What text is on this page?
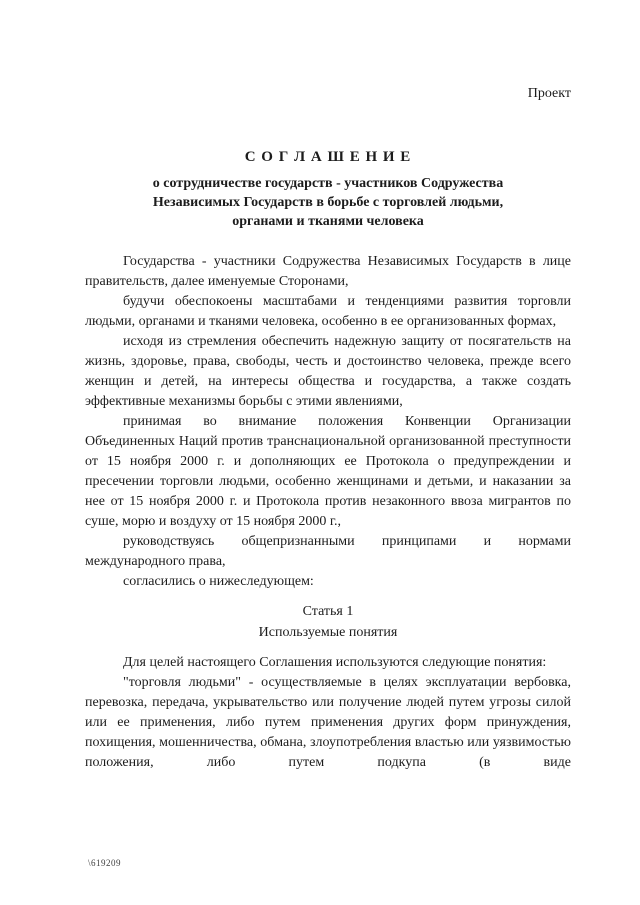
Проект
С О Г Л А Ш Е Н И Е
о сотрудничестве государств - участников Содружества
Независимых Государств в борьбе с торговлей людьми,
органами и тканями человека

Государства - участники Содружества Независимых Государств в лице правительств, далее именуемые Сторонами,

будучи обеспокоены масштабами и тенденциями развития торговли людьми, органами и тканями человека, особенно в ее организованных формах,

исходя из стремления обеспечить надежную защиту от посягательств на жизнь, здоровье, права, свободы, честь и достоинство человека, прежде всего женщин и детей, на интересы общества и государства, а также создать эффективные механизмы борьбы с этими явлениями,

принимая во внимание положения Конвенции Организации Объединенных Наций против транснациональной организованной преступности от 15 ноября 2000 г. и дополняющих ее Протокола о предупреждении и пресечении торговли людьми, особенно женщинами и детьми, и наказании за нее от 15 ноября 2000 г. и Протокола против незаконного ввоза мигрантов по суше, морю и воздуху от 15 ноября 2000 г.,

руководствуясь общепризнанными принципами и нормами международного права,

согласились о нижеследующем:

Статья 1
Используемые понятия

Для целей настоящего Соглашения используются следующие понятия:

"торговля людьми" - осуществляемые в целях эксплуатации вербовка, перевозка, передача, укрывательство или получение людей путем угрозы силой или ее применения, либо путем применения других форм принуждения, похищения, мошенничества, обмана, злоупотребления властью или уязвимостью положения, либо путем подкупа (в виде

\619209
